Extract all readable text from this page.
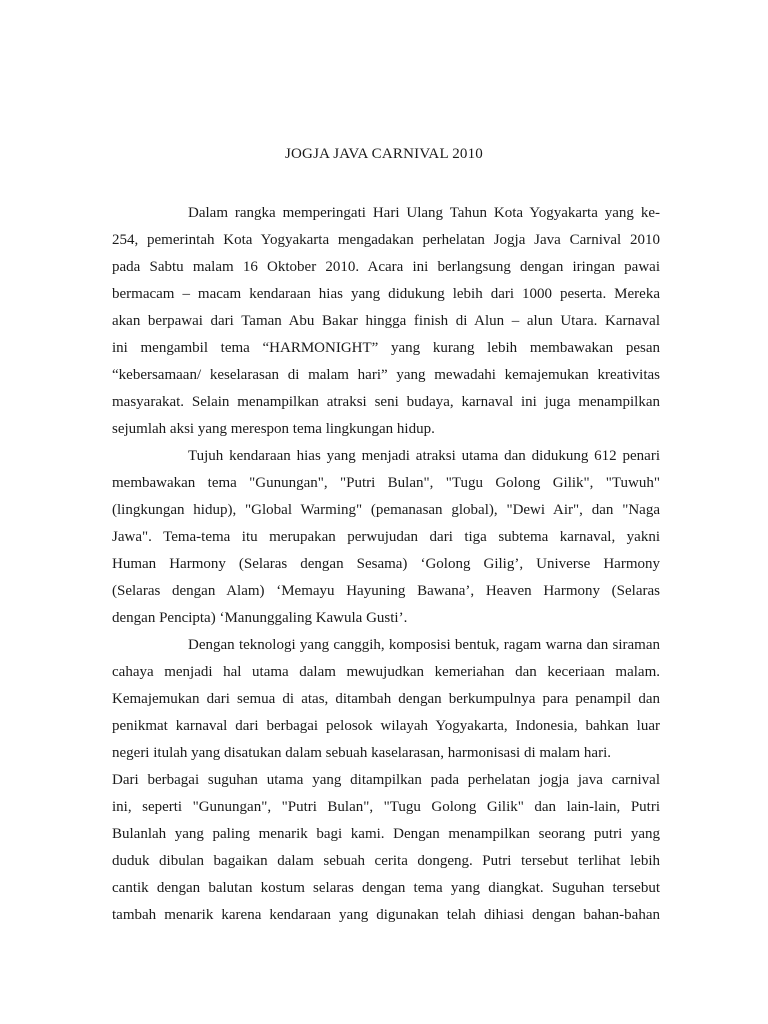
JOGJA JAVA CARNIVAL 2010
Dalam rangka memperingati Hari Ulang Tahun Kota Yogyakarta yang ke-
254, pemerintah Kota Yogyakarta mengadakan perhelatan Jogja Java Carnival 2010
pada Sabtu malam 16 Oktober 2010. Acara ini berlangsung dengan iringan pawai
bermacam – macam kendaraan hias yang didukung lebih dari 1000 peserta. Mereka
akan berpawai dari Taman Abu Bakar hingga finish di Alun – alun Utara. Karnaval
ini mengambil tema “HARMONIGHT” yang kurang lebih membawakan pesan
“kebersamaan/ keselarasan di malam hari” yang mewadahi kemajemukan kreativitas
masyarakat. Selain menampilkan atraksi seni budaya, karnaval ini juga menampilkan
sejumlah aksi yang merespon tema lingkungan hidup.
Tujuh kendaraan hias yang menjadi atraksi utama dan didukung 612 penari
membawakan tema "Gunungan", "Putri Bulan", "Tugu Golong Gilik", "Tuwuh"
(lingkungan hidup), "Global Warming" (pemanasan global), "Dewi Air", dan "Naga
Jawa". Tema-tema itu merupakan perwujudan dari tiga subtema karnaval, yakni
Human Harmony (Selaras dengan Sesama) ‘Golong Gilig’, Universe Harmony
(Selaras dengan Alam) ‘Memayu Hayuning Bawana’, Heaven Harmony (Selaras
dengan Pencipta) ‘Manunggaling Kawula Gusti’.
Dengan teknologi yang canggih, komposisi bentuk, ragam warna dan siraman
cahaya menjadi hal utama dalam mewujudkan kemeriahan dan keceriaan malam.
Kemajemukan dari semua di atas, ditambah dengan berkumpulnya para penampil dan
penikmat karnaval dari berbagai pelosok wilayah Yogyakarta, Indonesia, bahkan luar
negeri itulah yang disatukan dalam sebuah kaselarasan, harmonisasi di malam hari.
Dari berbagai suguhan utama yang ditampilkan pada perhelatan jogja java carnival
ini, seperti "Gunungan", "Putri Bulan", "Tugu Golong Gilik" dan lain-lain, Putri
Bulanlah yang paling menarik bagi kami. Dengan menampilkan seorang putri yang
duduk dibulan bagaikan dalam sebuah cerita dongeng. Putri tersebut terlihat lebih
cantik dengan balutan kostum selaras dengan tema yang diangkat. Suguhan tersebut
tambah menarik karena kendaraan yang digunakan telah dihiasi dengan bahan-bahan
